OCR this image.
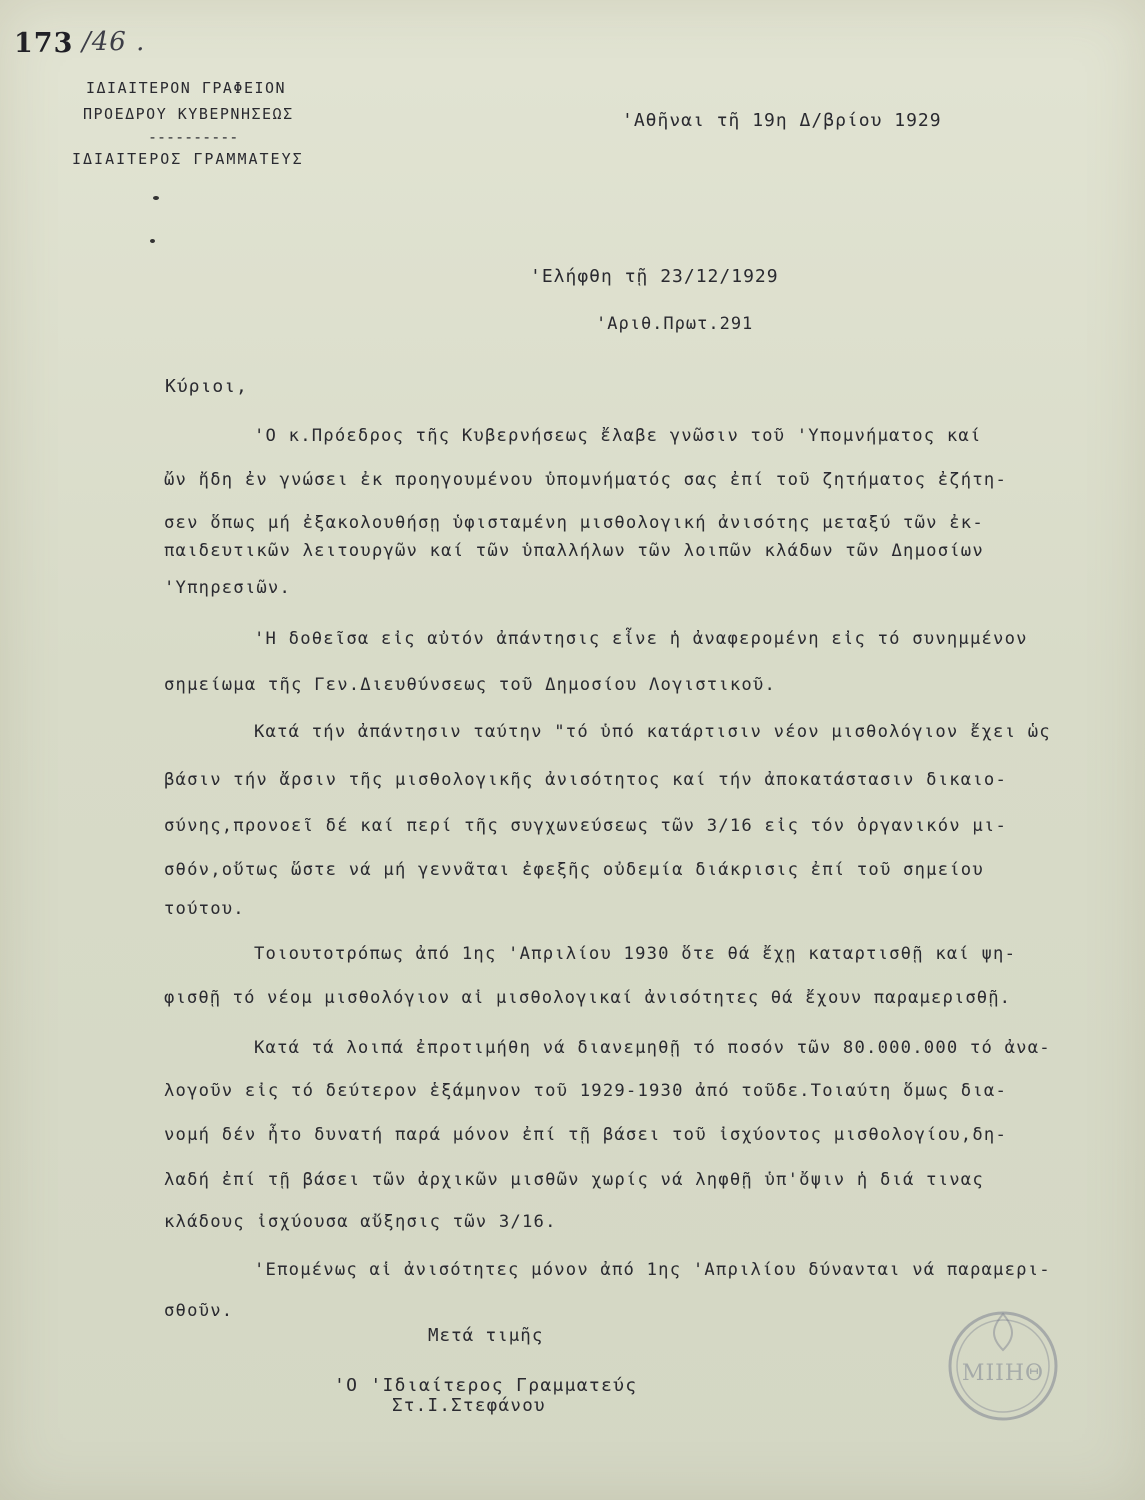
173 /46 .
ΙΔΙΑΙΤΕΡΟΝ ΓΡΑΦΕΙΟΝ
ΠΡΟΕΔΡΟΥ ΚΥΒΕΡΝΗΣΕΩΣ
----------
ΙΔΙΑΙΤΕΡΟΣ ΓΡΑΜΜΑΤΕΥΣ
'Αθῆναι τῆ 19η Δ/βρίου 1929
'Ελήφθη τῇ 23/12/1929
'Αριθ.Πρωτ.291
Κύριοι,
'Ο κ.Πρόεδρος τῆς Κυβερνήσεως ἔλαβε γνῶσιν τοῦ 'Υπομνήματος καί
ὤν ἤδη ἐν γνώσει ἐκ προηγουμένου ὑπομνήματός σας ἐπί τοῦ ζητήματος ἐζήτη-
σεν ὅπως μή ἐξακολουθήσῃ ὑφισταμένη μισθολογική ἀνισότης μεταξύ τῶν ἐκ-
παιδευτικῶν λειτουργῶν καί τῶν ὑπαλλήλων τῶν λοιπῶν κλάδων τῶν Δημοσίων
'Υπηρεσιῶν.
'Η δοθεῖσα εἰς αὐτόν ἀπάντησις εἶνε ἡ ἀναφερομένη εἰς τό συνημμένον
σημείωμα τῆς Γεν.Διευθύνσεως τοῦ Δημοσίου Λογιστικοῦ.
Κατά τήν ἀπάντησιν ταύτην "τό ὑπό κατάρτισιν νέον μισθολόγιον ἔχει ὡς
βάσιν τήν ἄρσιν τῆς μισθολογικῆς ἀνισότητος καί τήν ἀποκατάστασιν δικαιο-
σύνης,προνοεῖ δέ καί περί τῆς συγχωνεύσεως τῶν 3/16 εἰς τόν ὀργανικόν μι-
σθόν,οὕτως ὥστε νά μή γεννᾶται ἐφεξῆς οὐδεμία διάκρισις ἐπί τοῦ σημείου
τούτου.
Τοιουτοτρόπως ἀπό 1ης 'Απριλίου 1930 ὅτε θά ἔχῃ καταρτισθῇ καί ψη-
φισθῇ τό νέομ μισθολόγιον αἱ μισθολογικαί ἀνισότητες θά ἔχουν παραμερισθῇ.
Κατά τά λοιπά ἐπροτιμήθη νά διανεμηθῇ τό ποσόν τῶν 80.000.000 τό ἀνα-
λογοῦν εἰς τό δεύτερον ἑξάμηνον τοῦ 1929-1930 ἀπό τοῦδε.Τοιαύτη ὅμως δια-
νομή δέν ἦτο δυνατή παρά μόνον ἐπί τῇ βάσει τοῦ ἰσχύοντος μισθολογίου,δη-
λαδή ἐπί τῇ βάσει τῶν ἀρχικῶν μισθῶν χωρίς νά ληφθῇ ὑπ'ὄψιν ἡ διά τινας
κλάδους ἰσχύουσα αὔξησις τῶν 3/16.
'Επομένως αἱ ἀνισότητες μόνον ἀπό 1ης 'Απριλίου δύνανται νά παραμερι-
σθοῦν.
Μετά τιμῆς
'Ο 'Ιδιαίτερος Γραμματεύς
Στ.Ι.Στεφάνου
ΜΙΙΗΘ
